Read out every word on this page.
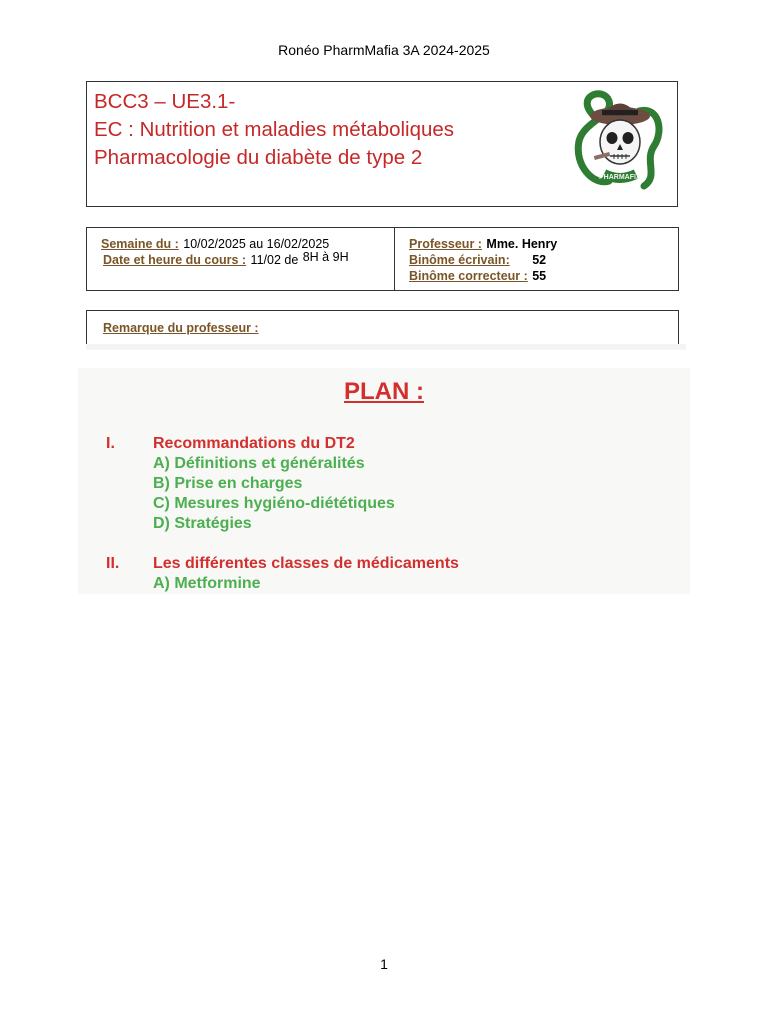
Ronéo PharmMafia 3A 2024-2025
BCC3 – UE3.1-
EC : Nutrition et maladies métaboliques
Pharmacologie du diabète de type 2
PHARMAFIA
Semaine du : 10/02/2025 au 16/02/2025
Date et heure du cours : 11/02 de 8H à 9H
Professeur : Mme. Henry
Binôme écrivain: 52
Binôme correcteur : 55
Remarque du professeur :
PLAN :
I. Recommandations du DT2
A) Définitions et généralités
B) Prise en charges
C) Mesures hygiéno-diététiques
D) Stratégies
II. Les différentes classes de médicaments
A) Metformine
1
